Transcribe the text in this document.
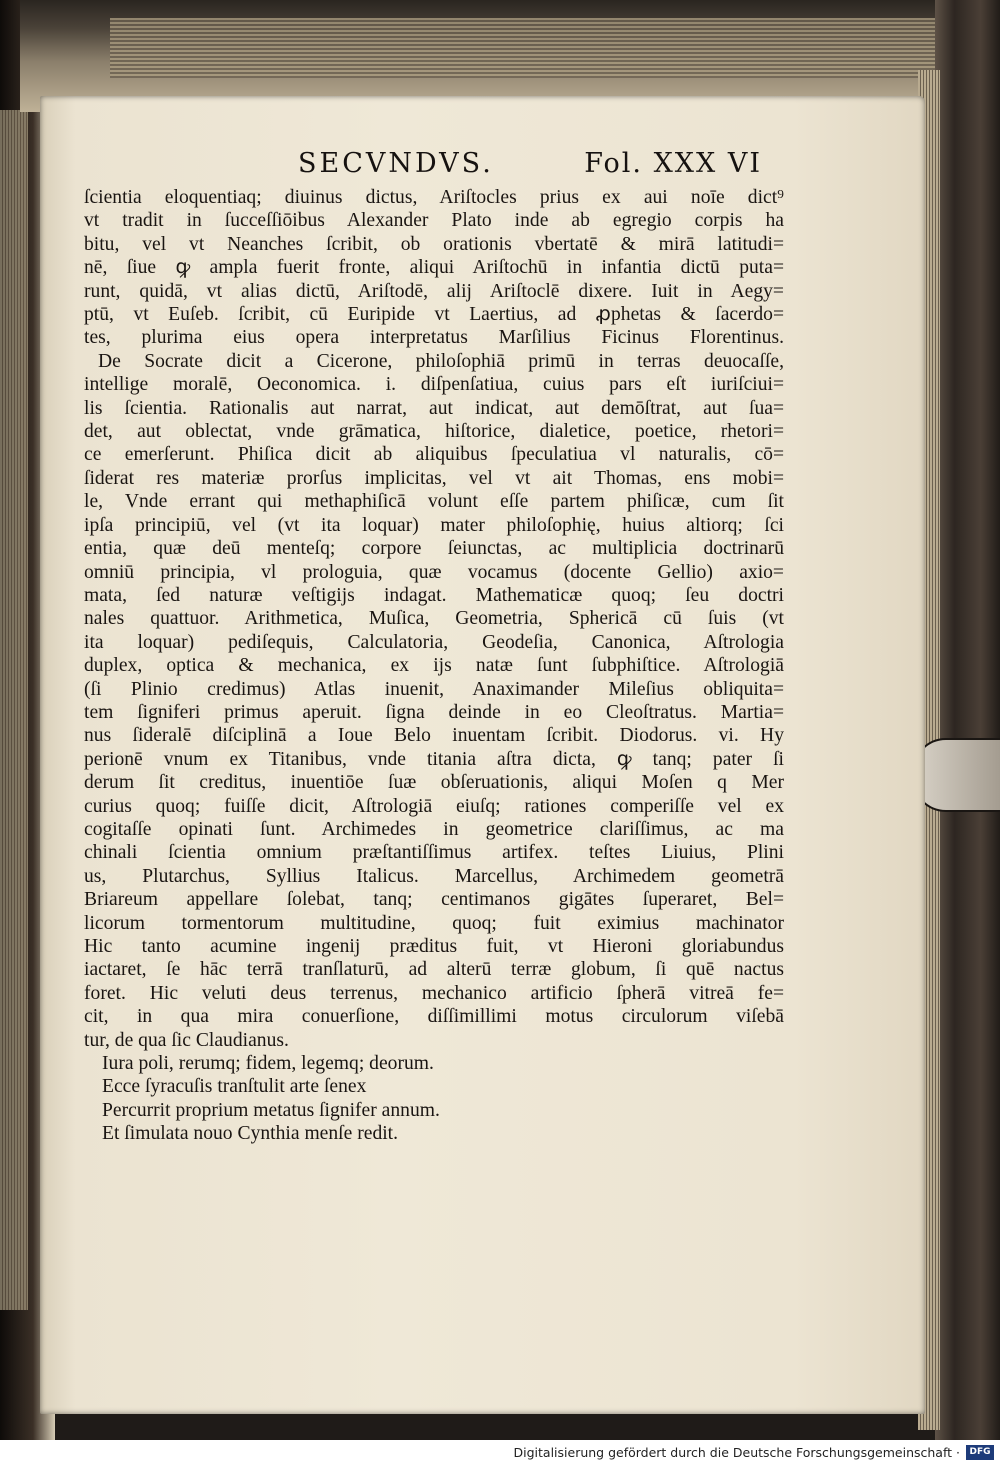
SECVNDVS.	Fol. XXX VI
ſcientia eloquentiaq; diuinus dictus, Ariſtocles prius ex aui noīe dict⁹
vt tradit in ſucceſſiōibus Alexander Plato inde ab egregio corpis ha
bitu, vel vt Neanches ſcribit, ob orationis vbertatē & mirā latitudi=
nē, ſiue ꝙ ampla fuerit fronte, aliqui Ariſtochū in infantia dictū puta=
runt, quidā, vt alias dictū, Ariſtodē, alij Ariſtoclē dixere. Iuit in Aegy=
ptū, vt Euſeb. ſcribit, cū Euripide vt Laertius, ad ꝓphetas & ſacerdo=
tes, plurima eius opera interpretatus Marſilius Ficinus Florentinus.
De Socrate dicit a Cicerone, philoſophiā primū in terras deuocaſſe,
intellige moralē, Oeconomica. i. diſpenſatiua, cuius pars eſt iuriſciui=
lis ſcientia. Rationalis aut narrat, aut indicat, aut demōſtrat, aut ſua=
det, aut oblectat, vnde grāmatica, hiſtorice, dialetice, poetice, rhetori=
ce emerſerunt. Phiſica dicit ab aliquibus ſpeculatiua vl naturalis, cō=
ſiderat res materiæ prorſus implicitas, vel vt ait Thomas, ens mobi=
le, Vnde errant qui methaphiſicā volunt eſſe partem phiſicæ, cum ſit
ipſa principiū, vel (vt ita loquar) mater philoſophię, huius altiorq; ſci
entia, quæ deū menteſq; corpore ſeiunctas, ac multiplicia doctrinarū
omniū principia, vl prologuia, quæ vocamus (docente Gellio) axio=
mata, ſed naturæ veſtigijs indagat. Mathematicæ quoq; ſeu doctri
nales quattuor. Arithmetica, Muſica, Geometria, Sphericā cū ſuis (vt
ita loquar) pediſequis, Calculatoria, Geodeſia, Canonica, Aſtrologia
duplex, optica & mechanica, ex ijs natæ ſunt ſubphiſtice. Aſtrologiā
(ſi Plinio credimus) Atlas inuenit, Anaximander Mileſius obliquita=
tem ſigniferi primus aperuit. ſigna deinde in eo Cleoſtratus. Martia=
nus ſideralē diſciplinā a Ioue Belo inuentam ſcribit. Diodorus. vi. Hy
perionē vnum ex Titanibus, vnde titania aſtra dicta, ꝙ tanq; pater ſi
derum ſit creditus, inuentiōe ſuæ obſeruationis, aliqui Moſen q Mer
curius quoq; fuiſſe dicit, Aſtrologiā eiuſq; rationes comperiſſe vel ex
cogitaſſe opinati ſunt. Archimedes in geometrice clariſſimus, ac ma
chinali ſcientia omnium præſtantiſſimus artifex. teſtes Liuius, Plini
us, Plutarchus, Syllius Italicus. Marcellus, Archimedem geometrā
Briareum appellare ſolebat, tanq; centimanos gigātes ſuperaret, Bel=
licorum tormentorum multitudine, quoq; fuit eximius machinator
Hic tanto acumine ingenij præditus fuit, vt Hieroni gloriabundus
iactaret, ſe hāc terrā tranſlaturū, ad alterū terræ globum, ſi quē nactus
foret. Hic veluti deus terrenus, mechanico artificio ſpherā vitreā fe=
cit, in qua mira conuerſione, diſſimillimi motus circulorum viſebā
tur, de qua ſic Claudianus.
Iura poli, rerumq; fidem, legemq; deorum.
Ecce ſyracuſis tranſtulit arte ſenex
Percurrit proprium metatus ſignifer annum.
Et ſimulata nouo Cynthia menſe redit.
Digitalisierung gefördert durch die Deutsche Forschungsgemeinschaft ·	DFG
